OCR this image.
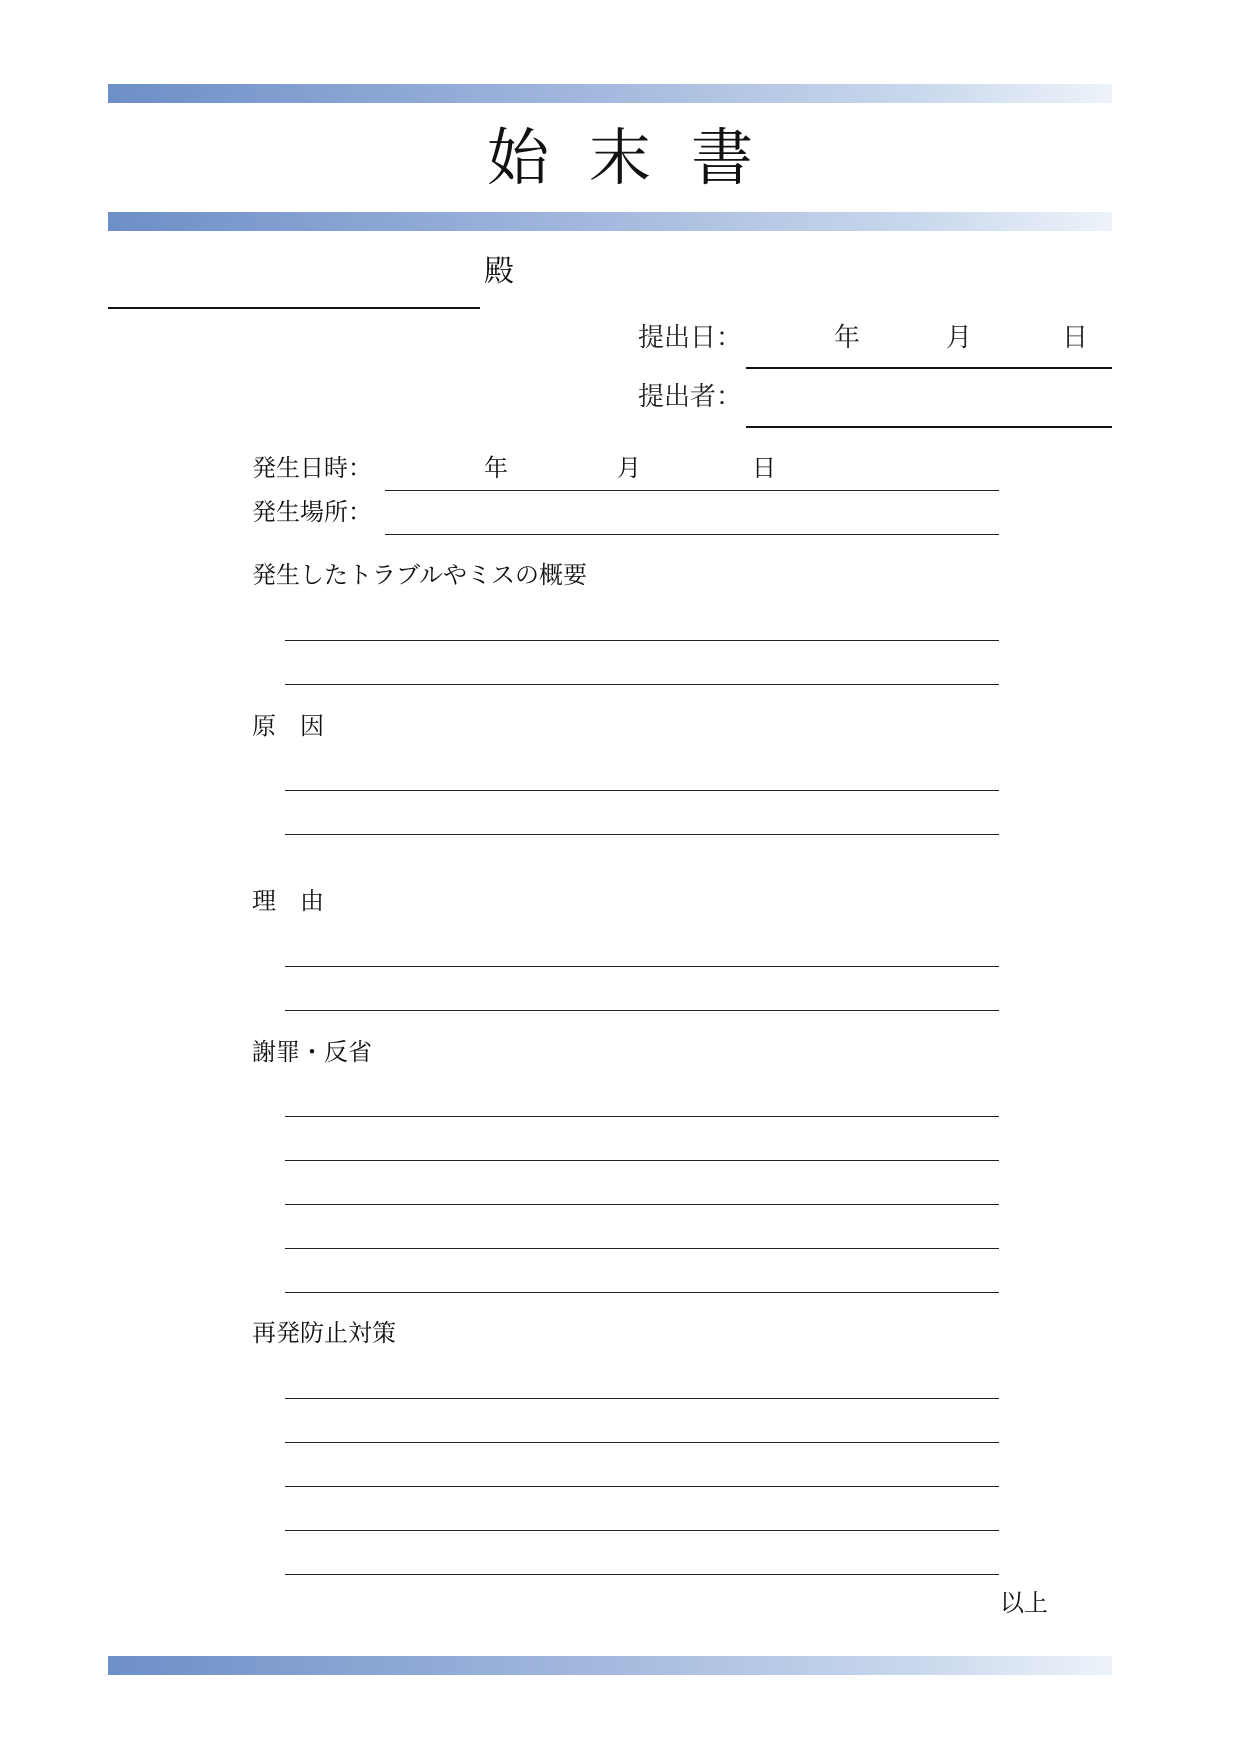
始末書
殿
提出日：	年	月	日
提出者：
発生日時：	年	月	日
発生場所：
発生したトラブルやミスの概要
原　因
理　由
謝罪・反省
再発防止対策
以上
